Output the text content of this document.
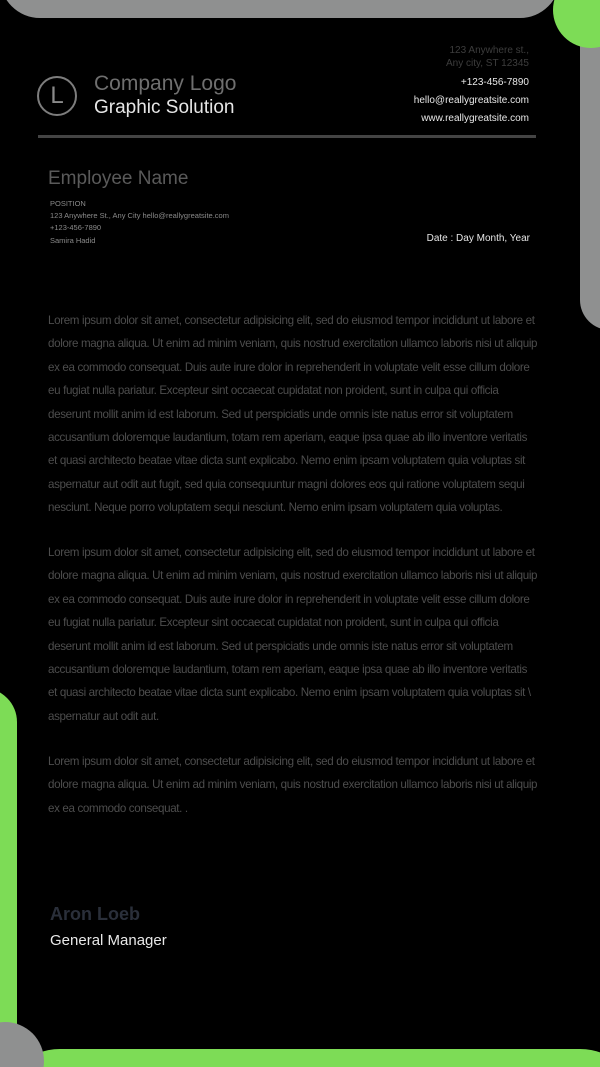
L	Company Logo
Graphic Solution
123 Anywhere st.,
Any city, ST 12345
+123-456-7890
hello@reallygreatsite.com
www.reallygreatsite.com
Employee Name
POSITION
123 Anywhere St., Any City hello@reallygreatsite.com
+123-456-7890
Samira Hadid	Date : Day Month, Year

Lorem ipsum dolor sit amet, consectetur adipisicing elit, sed do eiusmod tempor incididunt ut labore et dolore magna aliqua. Ut enim ad minim veniam, quis nostrud exercitation ullamco laboris nisi ut aliquip ex ea commodo consequat. Duis aute irure dolor in reprehenderit in voluptate velit esse cillum dolore eu fugiat nulla pariatur. Excepteur sint occaecat cupidatat non proident, sunt in culpa qui officia deserunt mollit anim id est laborum. Sed ut perspiciatis unde omnis iste natus error sit voluptatem accusantium doloremque laudantium, totam rem aperiam, eaque ipsa quae ab illo inventore veritatis et quasi architecto beatae vitae dicta sunt explicabo. Nemo enim ipsam voluptatem quia voluptas sit aspernatur aut odit aut fugit, sed quia consequuntur magni dolores eos qui ratione voluptatem sequi nesciunt. Neque porro voluptatem sequi nesciunt. Nemo enim ipsam voluptatem quia voluptas.

Lorem ipsum dolor sit amet, consectetur adipisicing elit, sed do eiusmod tempor incididunt ut labore et dolore magna aliqua. Ut enim ad minim veniam, quis nostrud exercitation ullamco laboris nisi ut aliquip ex ea commodo consequat. Duis aute irure dolor in reprehenderit in voluptate velit esse cillum dolore eu fugiat nulla pariatur. Excepteur sint occaecat cupidatat non proident, sunt in culpa qui officia deserunt mollit anim id est laborum. Sed ut perspiciatis unde omnis iste natus error sit voluptatem accusantium doloremque laudantium, totam rem aperiam, eaque ipsa quae ab illo inventore veritatis et quasi architecto beatae vitae dicta sunt explicabo. Nemo enim ipsam voluptatem quia voluptas sit \ aspernatur aut odit aut.

Lorem ipsum dolor sit amet, consectetur adipisicing elit, sed do eiusmod tempor incididunt ut labore et dolore magna aliqua. Ut enim ad minim veniam, quis nostrud exercitation ullamco laboris nisi ut aliquip ex ea commodo consequat. .

Aron Loeb
General Manager
